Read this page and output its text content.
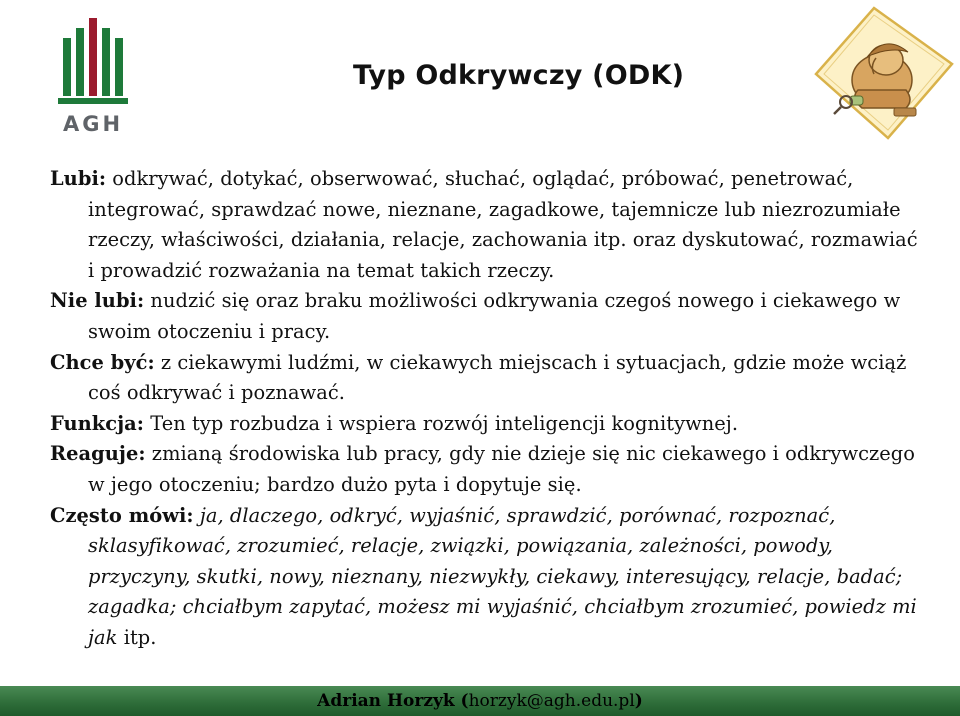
AGH
Typ Odkrywczy (ODK)

Lubi: odkrywać, dotykać, obserwować, słuchać, oglądać, próbować, penetrować, integrować, sprawdzać nowe, nieznane, zagadkowe, tajemnicze lub niezrozumiałe rzeczy, właściwości, działania, relacje, zachowania itp. oraz dyskutować, rozmawiać i prowadzić rozważania na temat takich rzeczy.

Nie lubi: nudzić się oraz braku możliwości odkrywania czegoś nowego i ciekawego w swoim otoczeniu i pracy.

Chce być: z ciekawymi ludźmi, w ciekawych miejscach i sytuacjach, gdzie może wciąż coś odkrywać i poznawać.

Funkcja: Ten typ rozbudza i wspiera rozwój inteligencji kognitywnej.

Reaguje: zmianą środowiska lub pracy, gdy nie dzieje się nic ciekawego i odkrywczego w jego otoczeniu; bardzo dużo pyta i dopytuje się.

Często mówi: ja, dlaczego, odkryć, wyjaśnić, sprawdzić, porównać, rozpoznać, sklasyfikować, zrozumieć, relacje, związki, powiązania, zależności, powody, przyczyny, skutki, nowy, nieznany, niezwykły, ciekawy, interesujący, relacje, badać; zagadka; chciałbym zapytać, możesz mi wyjaśnić, chciałbym zrozumieć, powiedz mi jak itp.

Adrian Horzyk (horzyk@agh.edu.pl)
